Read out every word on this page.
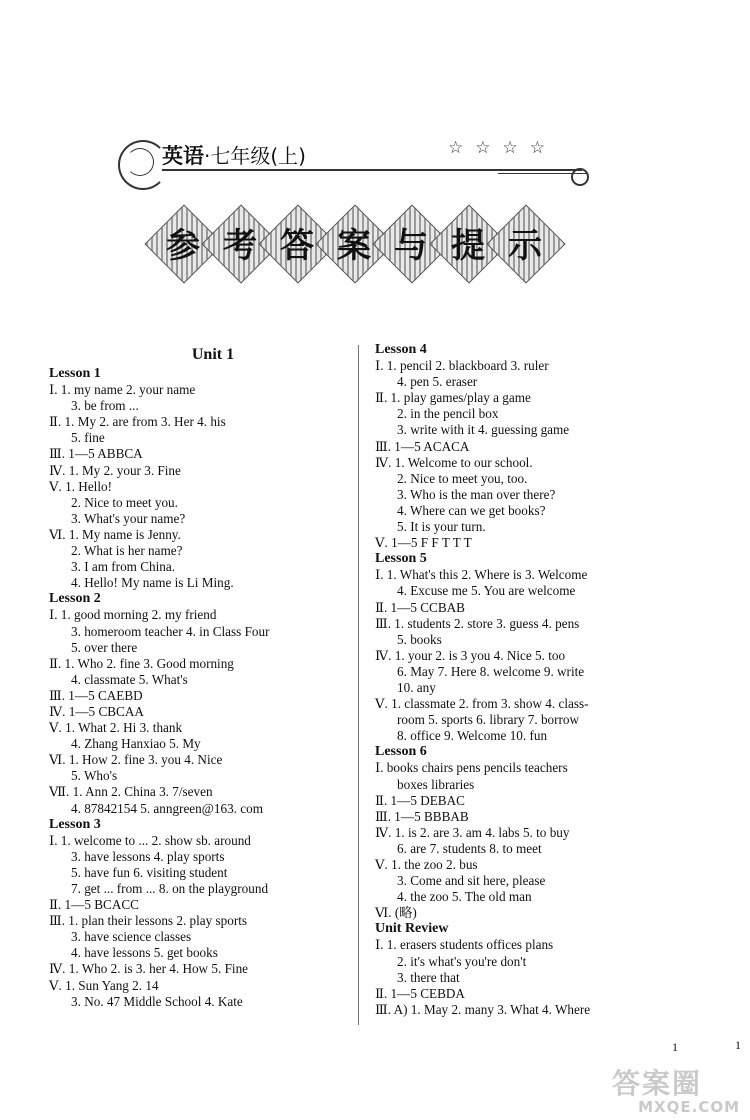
英语·七年级(上)	☆☆☆☆
参 考 答 案 与 提 示
Unit 1
Lesson 1
Ⅰ. 1. my name 2. your name
3. be from ...
Ⅱ. 1. My 2. are from 3. Her 4. his
5. fine
Ⅲ. 1—5 ABBCA
Ⅳ. 1. My 2. your 3. Fine
Ⅴ. 1. Hello!
2. Nice to meet you.
3. What's your name?
Ⅵ. 1. My name is Jenny.
2. What is her name?
3. I am from China.
4. Hello! My name is Li Ming.
Lesson 2
Ⅰ. 1. good morning 2. my friend
3. homeroom teacher 4. in Class Four
5. over there
Ⅱ. 1. Who 2. fine 3. Good morning
4. classmate 5. What's
Ⅲ. 1—5 CAEBD
Ⅳ. 1—5 CBCAA
Ⅴ. 1. What 2. Hi 3. thank
4. Zhang Hanxiao 5. My
Ⅵ. 1. How 2. fine 3. you 4. Nice
5. Who's
Ⅶ. 1. Ann 2. China 3. 7/seven
4. 87842154 5. anngreen@163. com
Lesson 3
Ⅰ. 1. welcome to ... 2. show sb. around
3. have lessons 4. play sports
5. have fun 6. visiting student
7. get ... from ... 8. on the playground
Ⅱ. 1—5 BCACC
Ⅲ. 1. plan their lessons 2. play sports
3. have science classes
4. have lessons 5. get books
Ⅳ. 1. Who 2. is 3. her 4. How 5. Fine
Ⅴ. 1. Sun Yang 2. 14
3. No. 47 Middle School 4. Kate
Lesson 4
Ⅰ. 1. pencil 2. blackboard 3. ruler
4. pen 5. eraser
Ⅱ. 1. play games/play a game
2. in the pencil box
3. write with it 4. guessing game
Ⅲ. 1—5 ACACA
Ⅳ. 1. Welcome to our school.
2. Nice to meet you, too.
3. Who is the man over there?
4. Where can we get books?
5. It is your turn.
Ⅴ. 1—5 F F T T T
Lesson 5
Ⅰ. 1. What's this 2. Where is 3. Welcome
4. Excuse me 5. You are welcome
Ⅱ. 1—5 CCBAB
Ⅲ. 1. students 2. store 3. guess 4. pens
5. books
Ⅳ. 1. your 2. is 3 you 4. Nice 5. too
6. May 7. Here 8. welcome 9. write
10. any
Ⅴ. 1. classmate 2. from 3. show 4. class-
room 5. sports 6. library 7. borrow
8. office 9. Welcome 10. fun
Lesson 6
Ⅰ. books chairs pens pencils teachers
boxes libraries
Ⅱ. 1—5 DEBAC
Ⅲ. 1—5 BBBAB
Ⅳ. 1. is 2. are 3. am 4. labs 5. to buy
6. are 7. students 8. to meet
Ⅴ. 1. the zoo 2. bus
3. Come and sit here, please
4. the zoo 5. The old man
Ⅵ. (略)
Unit Review
Ⅰ. 1. erasers students offices plans
2. it's what's you're don't
3. there that
Ⅱ. 1—5 CEBDA
Ⅲ. A) 1. May 2. many 3. What 4. Where
1	1
答案圈
MXQE.COM
